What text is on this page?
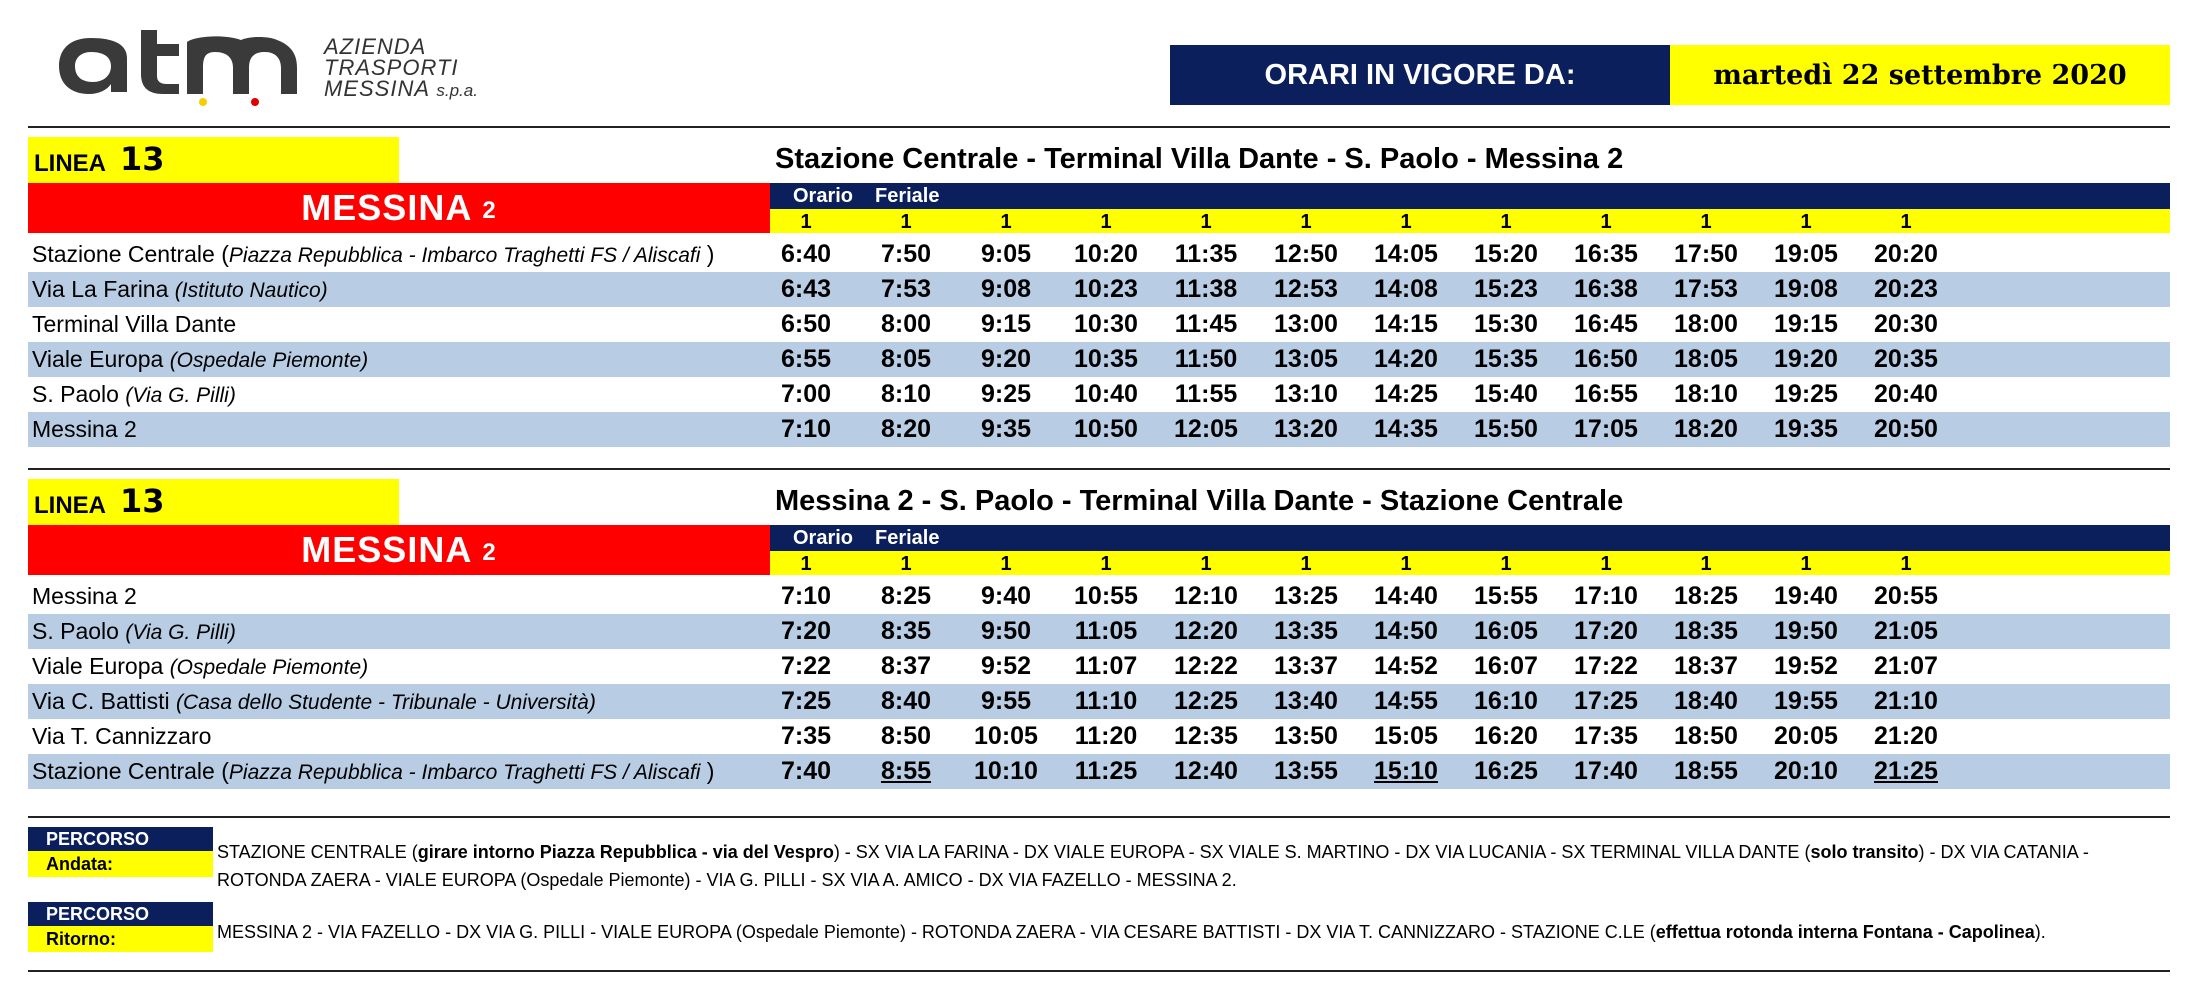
AZIENDA
TRASPORTI
MESSINA s.p.a.	ORARI IN VIGORE DA:	martedì 22 settembre 2020
LINEA 13	Stazione Centrale - Terminal Villa Dante - S. Paolo - Messina 2
MESSINA 2
Orario Feriale
1	1	1	1	1	1	1	1	1	1	1	1
Stazione Centrale (Piazza Repubblica - Imbarco Traghetti FS / Aliscafi )	6:40	7:50	9:05	10:20	11:35	12:50	14:05	15:20	16:35	17:50	19:05	20:20
Via La Farina (Istituto Nautico)	6:43	7:53	9:08	10:23	11:38	12:53	14:08	15:23	16:38	17:53	19:08	20:23
Terminal Villa Dante	6:50	8:00	9:15	10:30	11:45	13:00	14:15	15:30	16:45	18:00	19:15	20:30
Viale Europa (Ospedale Piemonte)	6:55	8:05	9:20	10:35	11:50	13:05	14:20	15:35	16:50	18:05	19:20	20:35
S. Paolo (Via G. Pilli)	7:00	8:10	9:25	10:40	11:55	13:10	14:25	15:40	16:55	18:10	19:25	20:40
Messina 2	7:10	8:20	9:35	10:50	12:05	13:20	14:35	15:50	17:05	18:20	19:35	20:50
LINEA 13	Messina 2 - S. Paolo - Terminal Villa Dante - Stazione Centrale
MESSINA 2
Orario Feriale
1	1	1	1	1	1	1	1	1	1	1	1
Messina 2	7:10	8:25	9:40	10:55	12:10	13:25	14:40	15:55	17:10	18:25	19:40	20:55
S. Paolo (Via G. Pilli)	7:20	8:35	9:50	11:05	12:20	13:35	14:50	16:05	17:20	18:35	19:50	21:05
Viale Europa (Ospedale Piemonte)	7:22	8:37	9:52	11:07	12:22	13:37	14:52	16:07	17:22	18:37	19:52	21:07
Via C. Battisti (Casa dello Studente - Tribunale - Università)	7:25	8:40	9:55	11:10	12:25	13:40	14:55	16:10	17:25	18:40	19:55	21:10
Via T. Cannizzaro	7:35	8:50	10:05	11:20	12:35	13:50	15:05	16:20	17:35	18:50	20:05	21:20
Stazione Centrale (Piazza Repubblica - Imbarco Traghetti FS / Aliscafi )	7:40	8:55	10:10	11:25	12:40	13:55	15:10	16:25	17:40	18:55	20:10	21:25
PERCORSO
Andata:
STAZIONE CENTRALE (girare intorno Piazza Repubblica - via del Vespro) - SX VIA LA FARINA - DX VIALE EUROPA - SX VIALE S. MARTINO - DX VIA LUCANIA - SX TERMINAL VILLA DANTE (solo transito) - DX VIA CATANIA -
ROTONDA ZAERA - VIALE EUROPA (Ospedale Piemonte) - VIA G. PILLI - SX VIA A. AMICO - DX VIA FAZELLO - MESSINA 2.
PERCORSO
Ritorno:	MESSINA 2 - VIA FAZELLO - DX VIA G. PILLI - VIALE EUROPA (Ospedale Piemonte) - ROTONDA ZAERA - VIA CESARE BATTISTI - DX VIA T. CANNIZZARO - STAZIONE C.LE (effettua rotonda interna Fontana - Capolinea).
